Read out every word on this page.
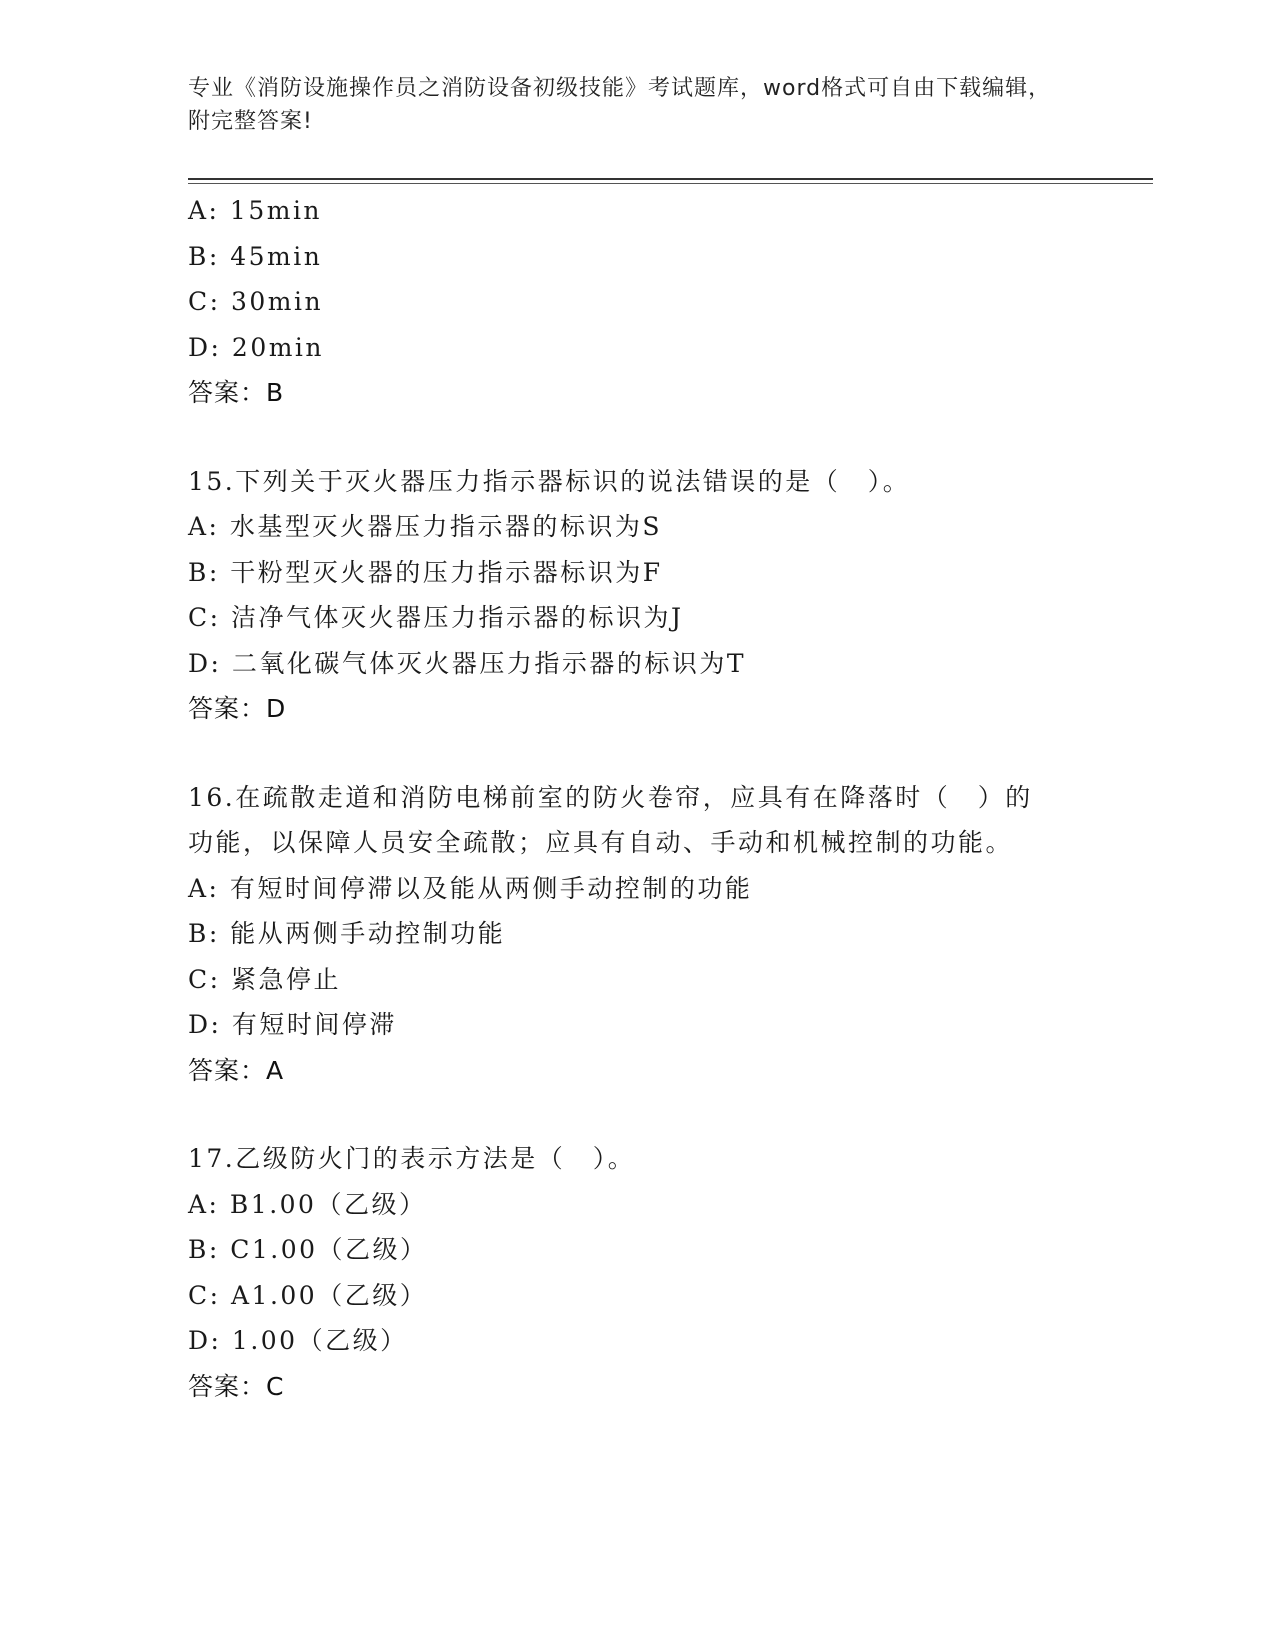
专业《消防设施操作员之消防设备初级技能》考试题库，word格式可自由下载编辑，附完整答案!
A: 15min
B: 45min
C: 30min
D: 20min
答案：B
15.下列关于灭火器压力指示器标识的说法错误的是（　）。
A: 水基型灭火器压力指示器的标识为S
B: 干粉型灭火器的压力指示器标识为F
C: 洁净气体灭火器压力指示器的标识为J
D: 二氧化碳气体灭火器压力指示器的标识为T
答案：D
16.在疏散走道和消防电梯前室的防火卷帘，应具有在降落时（　）的
功能，以保障人员安全疏散；应具有自动、手动和机械控制的功能。
A: 有短时间停滞以及能从两侧手动控制的功能
B: 能从两侧手动控制功能
C: 紧急停止
D: 有短时间停滞
答案：A
17.乙级防火门的表示方法是（　）。
A: B1.00（乙级）
B: C1.00（乙级）
C: A1.00（乙级）
D: 1.00（乙级）
答案：C
